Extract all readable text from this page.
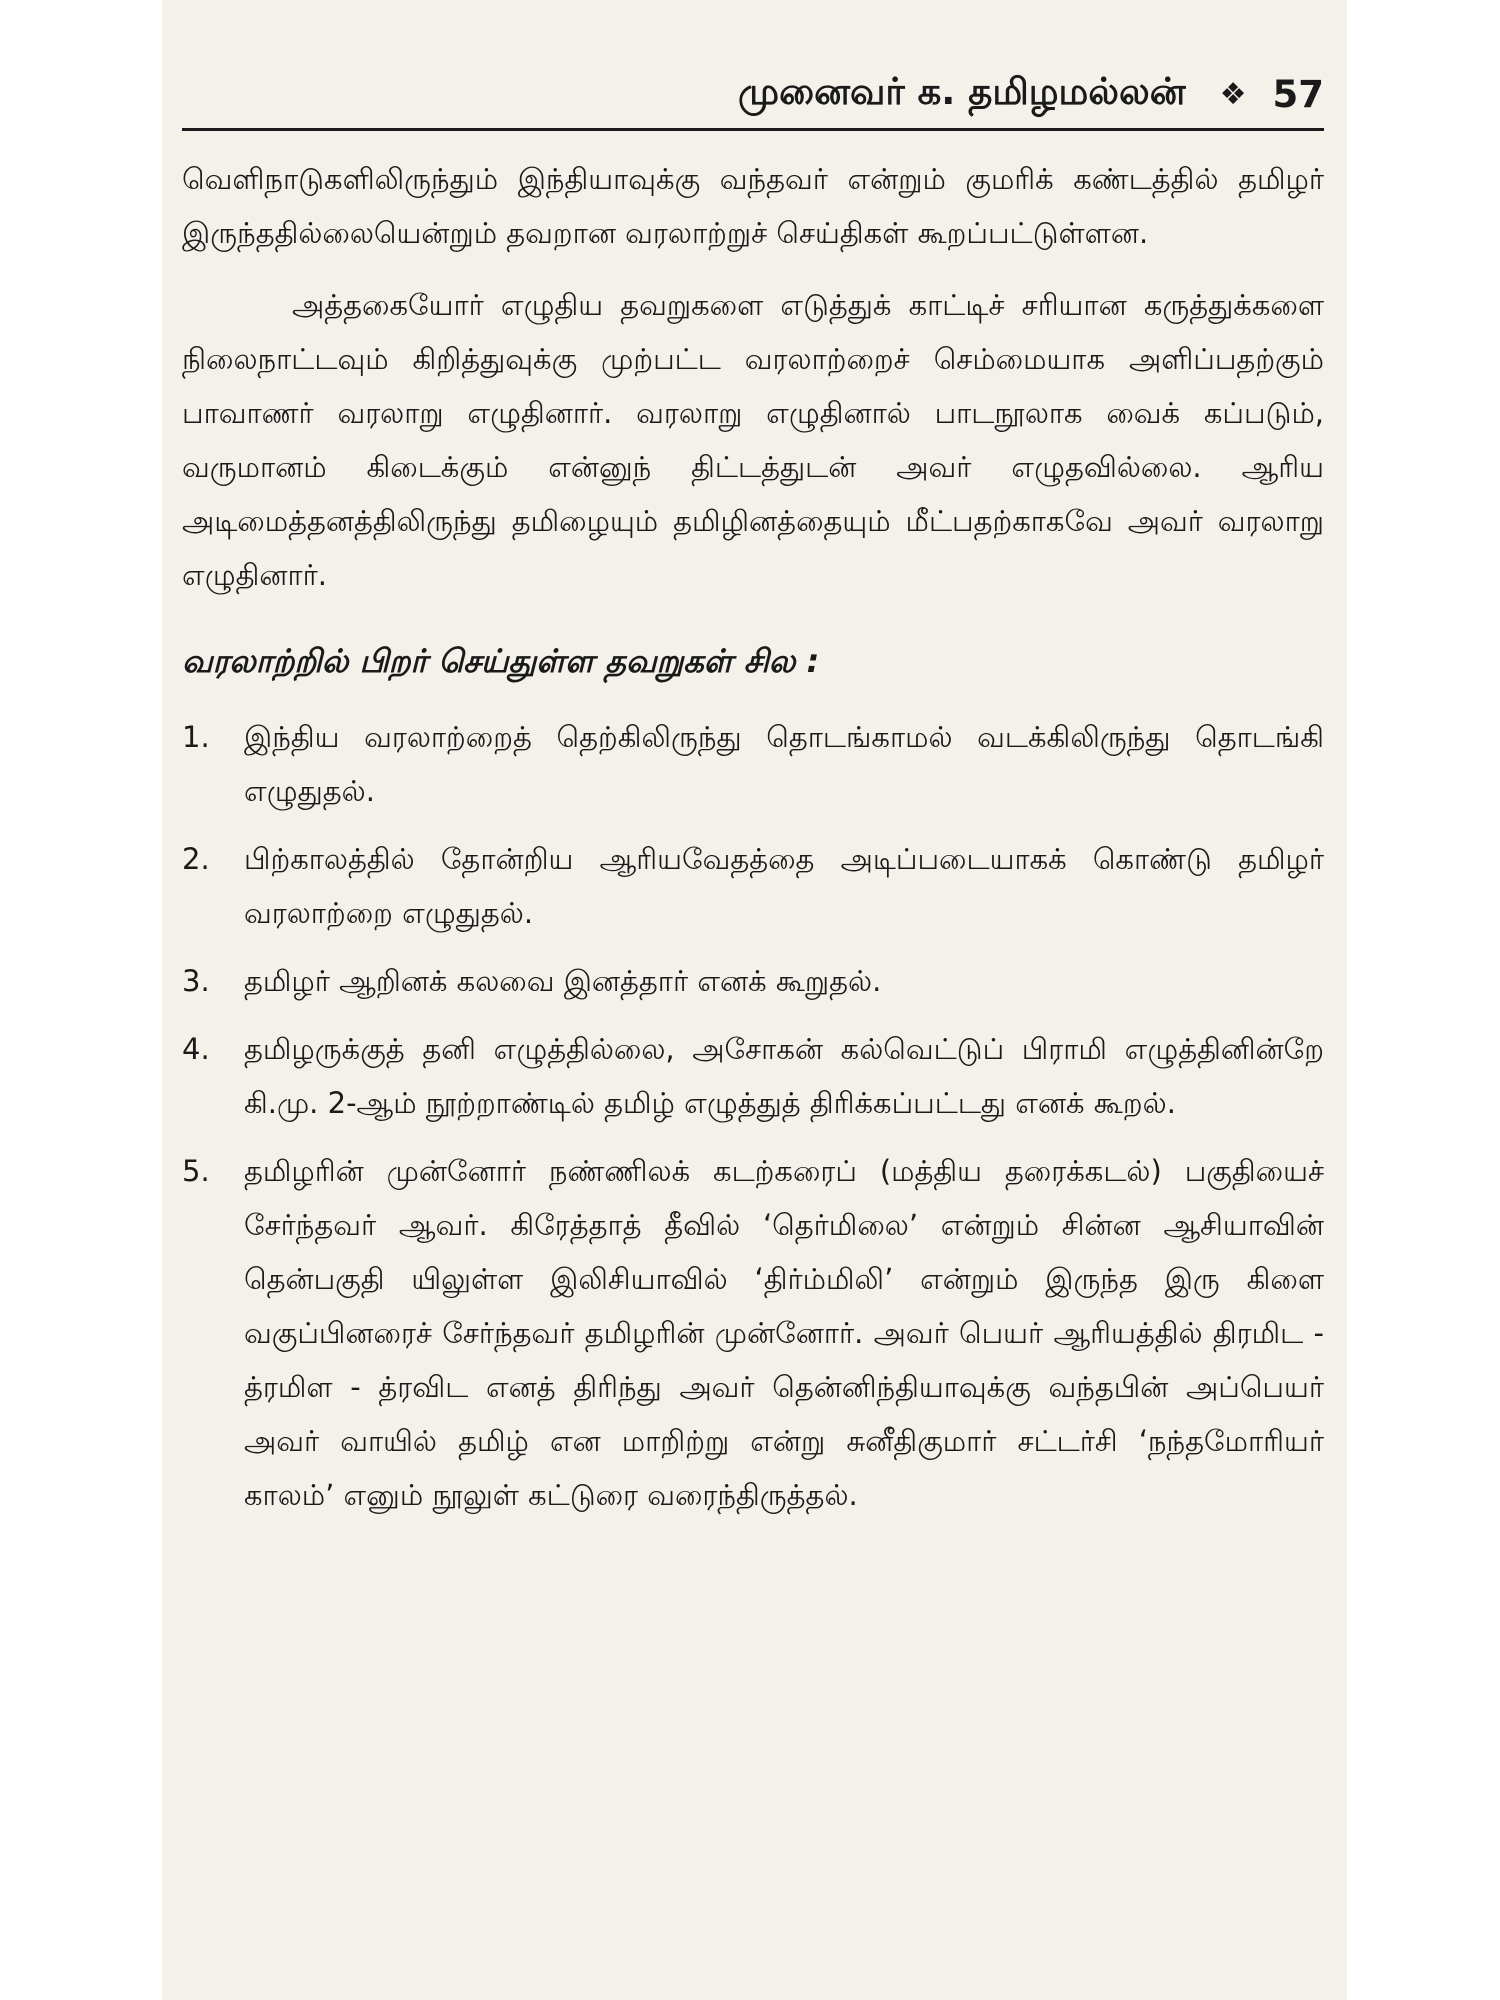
முனைவர் க. தமிழமல்லன் ❖ 57

வெளிநாடுகளிலிருந்தும் இந்தியாவுக்கு வந்தவர் என்றும் குமரிக் கண்டத்தில் தமிழர் இருந்ததில்லையென்றும் தவறான வரலாற்றுச் செய்திகள் கூறப்பட்டுள்ளன.

அத்தகையோர் எழுதிய தவறுகளை எடுத்துக் காட்டிச் சரியான கருத்துக்களை நிலைநாட்டவும் கிறித்துவுக்கு முற்பட்ட வரலாற்றைச் செம்மையாக அளிப்பதற்கும் பாவாணர் வரலாறு எழுதினார். வரலாறு எழுதினால் பாடநூலாக வைக் கப்படும், வருமானம் கிடைக்கும் என்னுந் திட்டத்துடன் அவர் எழுதவில்லை. ஆரிய அடிமைத்தனத்திலிருந்து தமிழையும் தமிழினத்தையும் மீட்பதற்காகவே அவர் வரலாறு எழுதினார்.

வரலாற்றில் பிறர் செய்துள்ள தவறுகள் சில :
1.	இந்திய வரலாற்றைத் தெற்கிலிருந்து தொடங்காமல் வடக்கிலிருந்து தொடங்கி எழுதுதல்.
2.	பிற்காலத்தில் தோன்றிய ஆரியவேதத்தை அடிப்படையாகக் கொண்டு தமிழர் வரலாற்றை எழுதுதல்.
3.	தமிழர் ஆறினக் கலவை இனத்தார் எனக் கூறுதல்.
4.	தமிழருக்குத் தனி எழுத்தில்லை, அசோகன் கல்வெட்டுப் பிராமி எழுத்தினின்றே கி.மு. 2-ஆம் நூற்றாண்டில் தமிழ் எழுத்துத் திரிக்கப்பட்டது எனக் கூறல்.
5.	தமிழரின் முன்னோர் நண்ணிலக் கடற்கரைப் (மத்திய தரைக்கடல்) பகுதியைச் சேர்ந்தவர் ஆவர். கிரேத்தாத் தீவில் ‘தெர்மிலை’ என்றும் சின்ன ஆசியாவின் தென்பகுதி யிலுள்ள இலிசியாவில் ‘திர்ம்மிலி’ என்றும் இருந்த இரு கிளை வகுப்பினரைச் சேர்ந்தவர் தமிழரின் முன்னோர். அவர் பெயர் ஆரியத்தில் திரமிட - த்ரமிள - த்ரவிட எனத் திரிந்து அவர் தென்னிந்தியாவுக்கு வந்தபின் அப்பெயர் அவர் வாயில் தமிழ் என மாறிற்று என்று சுனீதிகுமார் சட்டர்சி ‘நந்தமோரியர் காலம்’ எனும் நூலுள் கட்டுரை வரைந்திருத்தல்.
